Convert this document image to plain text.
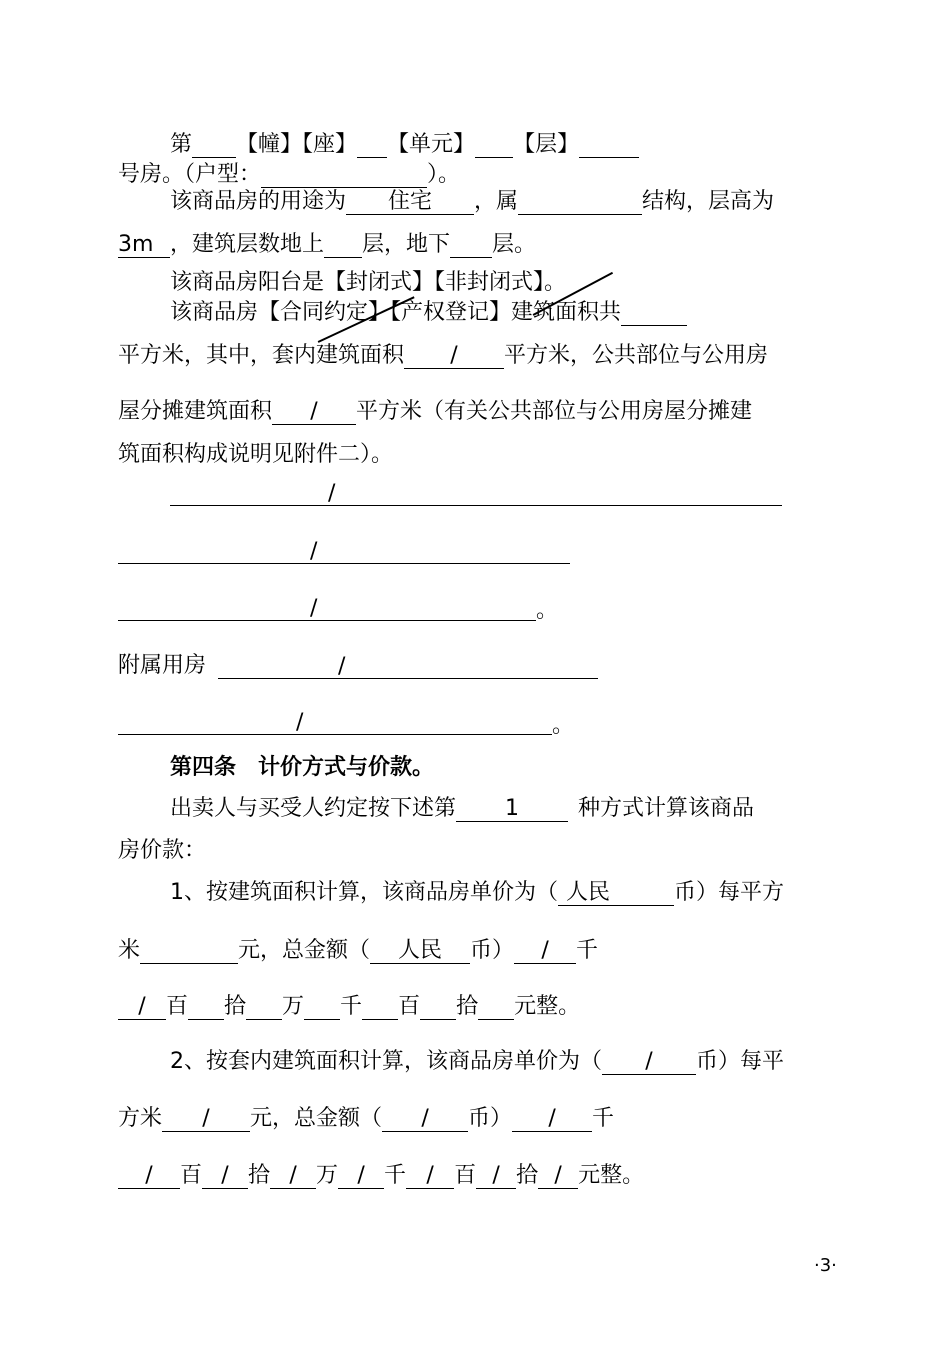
第 【幢】【座】 【单元】 【层】
号房。（户型：	）。
该商品房的用途为 住宅 ，属	结构，层高为
3m ，建筑层数地上 层，地下 层。
该商品房阳台是【封闭式】【非封闭式】。
该商品房【合同约定】【产权登记】建筑面积共
平方米，其中，套内建筑面积 / 平方米，公共部位与公用房
屋分摊建筑面积 / 平方米（有关公共部位与公用房屋分摊建
筑面积构成说明见附件二）。
/
/
/	。
附属用房	/
/	。
第四条　计价方式与价款。
出卖人与买受人约定按下述第 1	种方式计算该商品
房价款：
1、按建筑面积计算，该商品房单价为（ 人民	币）每平方
米	元，总金额（ 人民 币） / 千
/ 百 拾 万 千 百 拾 元整。
2、按套内建筑面积计算，该商品房单价为（ / 币）每平
方米 / 元，总金额（ / 币） / 千
/ 百 / 拾 / 万 / 千 / 百 / 拾 / 元整。
·3·
